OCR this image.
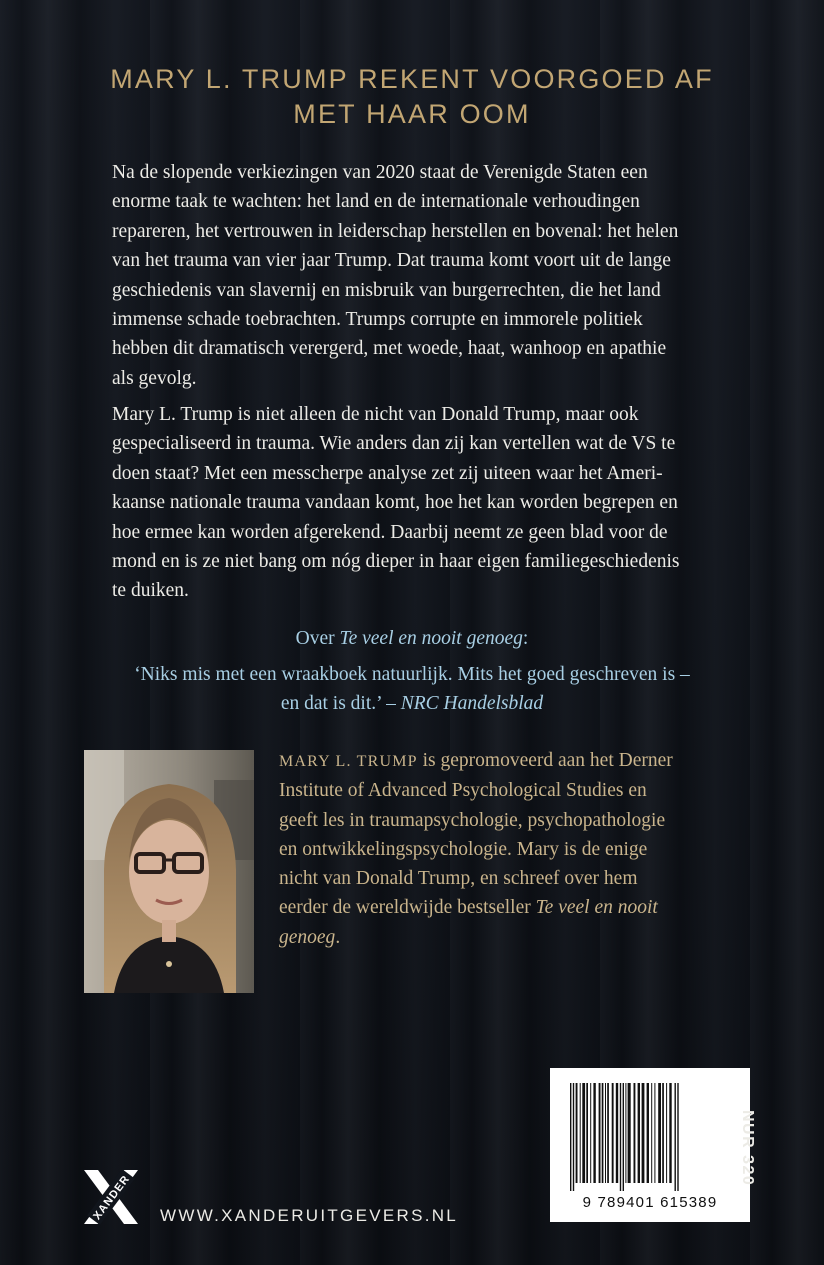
MARY L. TRUMP REKENT VOORGOED AF
MET HAAR OOM
Na de slopende verkiezingen van 2020 staat de Verenigde Staten een
enorme taak te wachten: het land en de internationale verhoudingen
repareren, het vertrouwen in leiderschap herstellen en bovenal: het helen
van het trauma van vier jaar Trump. Dat trauma komt voort uit de lange
geschiedenis van slavernij en misbruik van burgerrechten, die het land
immense schade toebrachten. Trumps corrupte en immorele politiek
hebben dit dramatisch verergerd, met woede, haat, wanhoop en apathie
als gevolg.
Mary L. Trump is niet alleen de nicht van Donald Trump, maar ook
gespecialiseerd in trauma. Wie anders dan zij kan vertellen wat de VS te
doen staat? Met een messcherpe analyse zet zij uiteen waar het Ameri-
kaanse nationale trauma vandaan komt, hoe het kan worden begrepen en
hoe ermee kan worden afgerekend. Daarbij neemt ze geen blad voor de
mond en is ze niet bang om nóg dieper in haar eigen familiegeschiedenis
te duiken.
Over Te veel en nooit genoeg:
‘Niks mis met een wraakboek natuurlijk. Mits het goed geschreven is –
en dat is dit.’ – NRC Handelsblad
MARY L. TRUMP is gepromoveerd aan het Derner
Institute of Advanced Psychological Studies en
geeft les in traumapsychologie, psychopathologie
en ontwikkelingspsychologie. Mary is de enige
nicht van Donald Trump, en schreef over hem
eerder de wereldwijde bestseller Te veel en nooit
genoeg.
XANDER WWW.XANDERUITGEVERS.NL
9 789401 615389
NUR 320
